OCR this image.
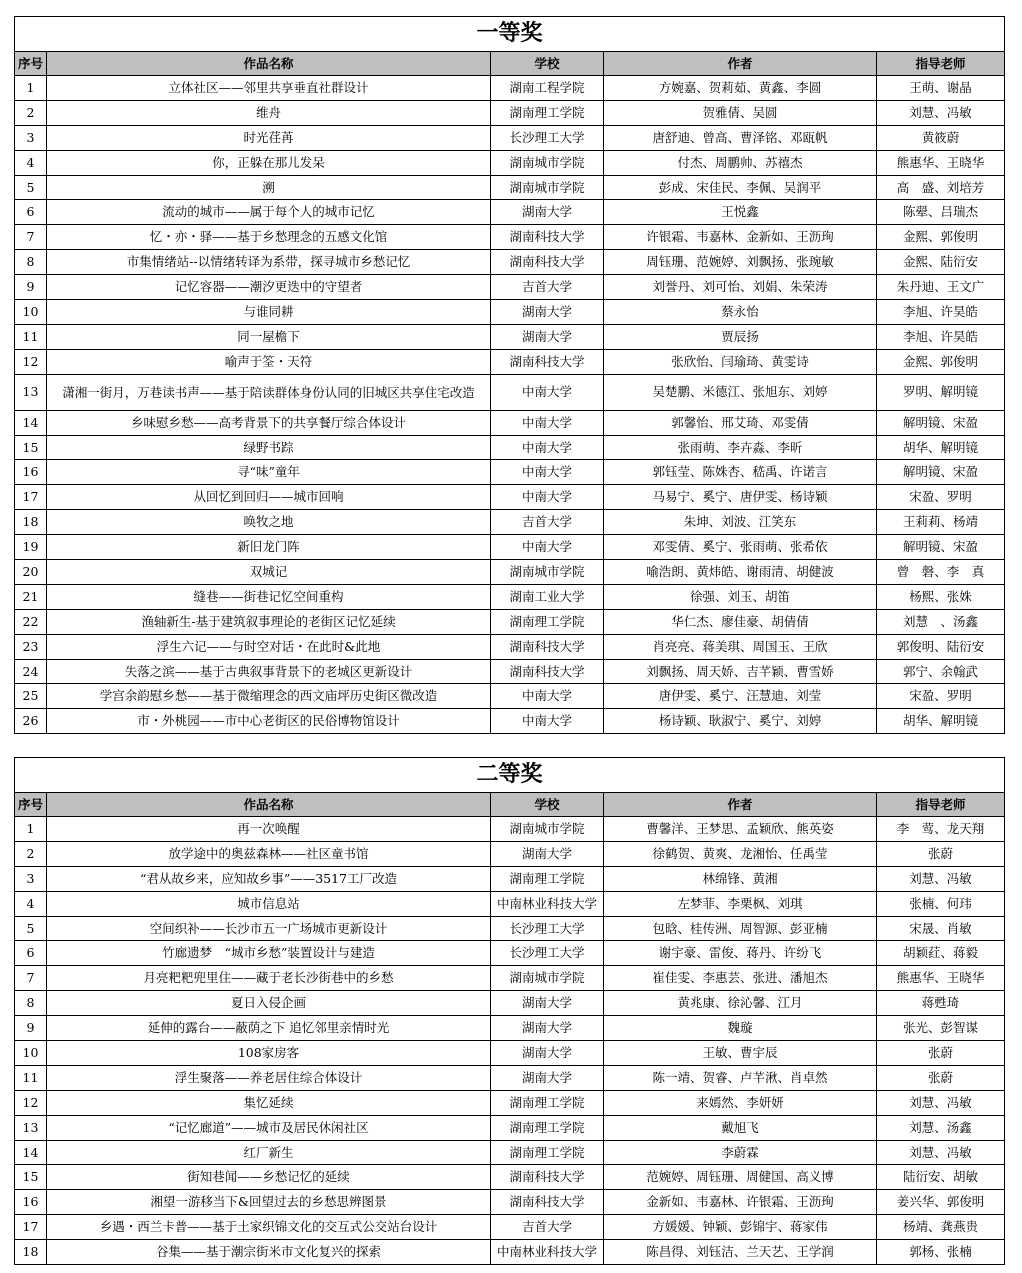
一等奖				
序号	作品名称	学校	作者	指导老师
1	立体社区——邻里共享垂直社群设计	湖南工程学院	方婉嘉、贺莉茹、黄鑫、李圆	王萌、谢晶
2	维舟	湖南理工学院	贺雅倩、吴圆	刘慧、冯敏
3	时光荏苒	长沙理工大学	唐舒迪、曾高、曹泽铭、邓瓯帆	黄筱蔚
4	你，正躲在那儿发呆	湖南城市学院	付杰、周鹏帅、苏禧杰	熊惠华、王晓华
5	溯	湖南城市学院	彭成、宋佳民、李佩、吴润平	高　盛、刘培芳
6	流动的城市——属于每个人的城市记忆	湖南大学	王悦鑫	陈翚、吕瑞杰
7	忆・亦・驿——基于乡愁理念的五感文化馆	湖南科技大学	许银霜、韦嘉林、金新如、王沥珣	金熙、郭俊明
8	市集情绪站--以情绪转译为系带，探寻城市乡愁记忆	湖南科技大学	周钰珊、范婉婷、刘飘扬、张琬敏	金熙、陆衍安
9	记忆容器——潮汐更迭中的守望者	吉首大学	刘誉丹、刘可怡、刘娟、朱荣涛	朱丹迪、王文广
10	与谁同耕	湖南大学	蔡永怡	李旭、许昊皓
11	同一屋檐下	湖南大学	贾辰扬	李旭、许昊皓
12	喻声于筌・天符	湖南科技大学	张欣怡、闫瑜琦、黄雯诗	金熙、郭俊明
13	潇湘一街月，万巷读书声——基于陪读群体身份认同的旧城区共享住宅改造	中南大学	吴楚鹏、米德江、张旭东、刘婷	罗明、解明镜
14	乡味慰乡愁——高考背景下的共享餐厅综合体设计	中南大学	郭馨怡、邢艾琦、邓雯倩	解明镜、宋盈
15	绿野书踪	中南大学	张雨萌、李卉淼、李昕	胡华、解明镜
16	寻“味”童年	中南大学	郭钰莹、陈姝杏、嵇禹、许诺言	解明镜、宋盈
17	从回忆到回归——城市回响	中南大学	马易宁、奚宁、唐伊雯、杨诗颖	宋盈、罗明
18	唤牧之地	吉首大学	朱坤、刘波、江笑东	王莉莉、杨靖
19	新旧龙门阵	中南大学	邓雯倩、奚宁、张雨萌、张希依	解明镜、宋盈
20	双城记	湖南城市学院	喻浩朗、黄炜皓、谢雨清、胡健波	曾　磐、李　真
21	缝巷——街巷记忆空间重构	湖南工业大学	徐强、刘玉、胡笛	杨熙、张姝
22	渔轴新生-基于建筑叙事理论的老街区记忆延续	湖南理工学院	华仁杰、廖佳豪、胡倩倩	刘慧　、汤鑫
23	浮生六记——与时空对话・在此时&此地	湖南科技大学	肖亮亮、蒋美琪、周国玉、王欣	郭俊明、陆衍安
24	失落之滨——基于古典叙事背景下的老城区更新设计	湖南科技大学	刘飘扬、周天娇、吉芊颖、曹雪娇	郭宁、余翰武
25	学宫余韵慰乡愁——基于微缩理念的西文庙坪历史街区微改造	中南大学	唐伊雯、奚宁、汪慧迪、刘莹	宋盈、罗明
26	市・外桃园——市中心老街区的民俗博物馆设计	中南大学	杨诗颖、耿淑宁、奚宁、刘婷	胡华、解明镜
二等奖				
序号	作品名称	学校	作者	指导老师
1	再一次唤醒	湖南城市学院	曹馨洋、王梦思、孟颖欣、熊英姿	李　莺、龙天翔
2	放学途中的奥兹森林——社区童书馆	湖南大学	徐鹤贺、黄爽、龙湘怡、任禹莹	张蔚
3	“君从故乡来，应知故乡事”——3517工厂改造	湖南理工学院	林绵锋、黄湘	刘慧、冯敏
4	城市信息站	中南林业科技大学	左梦菲、李栗枫、刘琪	张楠、何玮
5	空间织补——长沙市五一广场城市更新设计	长沙理工大学	包晗、桂传洲、周智源、彭亚楠	宋晟、肖敏
6	竹廊遗梦　“城市乡愁”装置设计与建造	长沙理工大学	谢宇豪、雷俊、蒋丹、许纷飞	胡颖荭、蒋毅
7	月亮粑粑兜里住——藏于老长沙街巷中的乡愁	湖南城市学院	崔佳雯、李惠芸、张进、潘旭杰	熊惠华、王晓华
8	夏日入侵企画	湖南大学	黄兆康、徐沁馨、江月	蒋甦琦
9	延伸的露台——蔽荫之下 追忆邻里亲情时光	湖南大学	魏璇	张光、彭智谋
10	108家房客	湖南大学	王敏、曹宇辰	张蔚
11	浮生聚落——养老居住综合体设计	湖南大学	陈一靖、贺睿、卢芊湫、肖卓然	张蔚
12	集忆延续	湖南理工学院	来嫣然、李妍妍	刘慧、冯敏
13	“记忆廊道”——城市及居民休闲社区	湖南理工学院	戴旭飞	刘慧、汤鑫
14	红厂新生	湖南理工学院	李蔚霖	刘慧、冯敏
15	街知巷闻——乡愁记忆的延续	湖南科技大学	范婉婷、周钰珊、周健国、高义博	陆衍安、胡敏
16	湘望一游移当下&回望过去的乡愁思辨图景	湖南科技大学	金新如、韦嘉林、许银霜、王沥珣	姜兴华、郭俊明
17	乡遇・西兰卡普——基于土家织锦文化的交互式公交站台设计	吉首大学	方媛媛、钟颖、彭锦宇、蒋家伟	杨靖、龚燕贵
18	谷集——基于潮宗街米市文化复兴的探索	中南林业科技大学	陈昌得、刘钰洁、兰天艺、王学润	郭杨、张楠
